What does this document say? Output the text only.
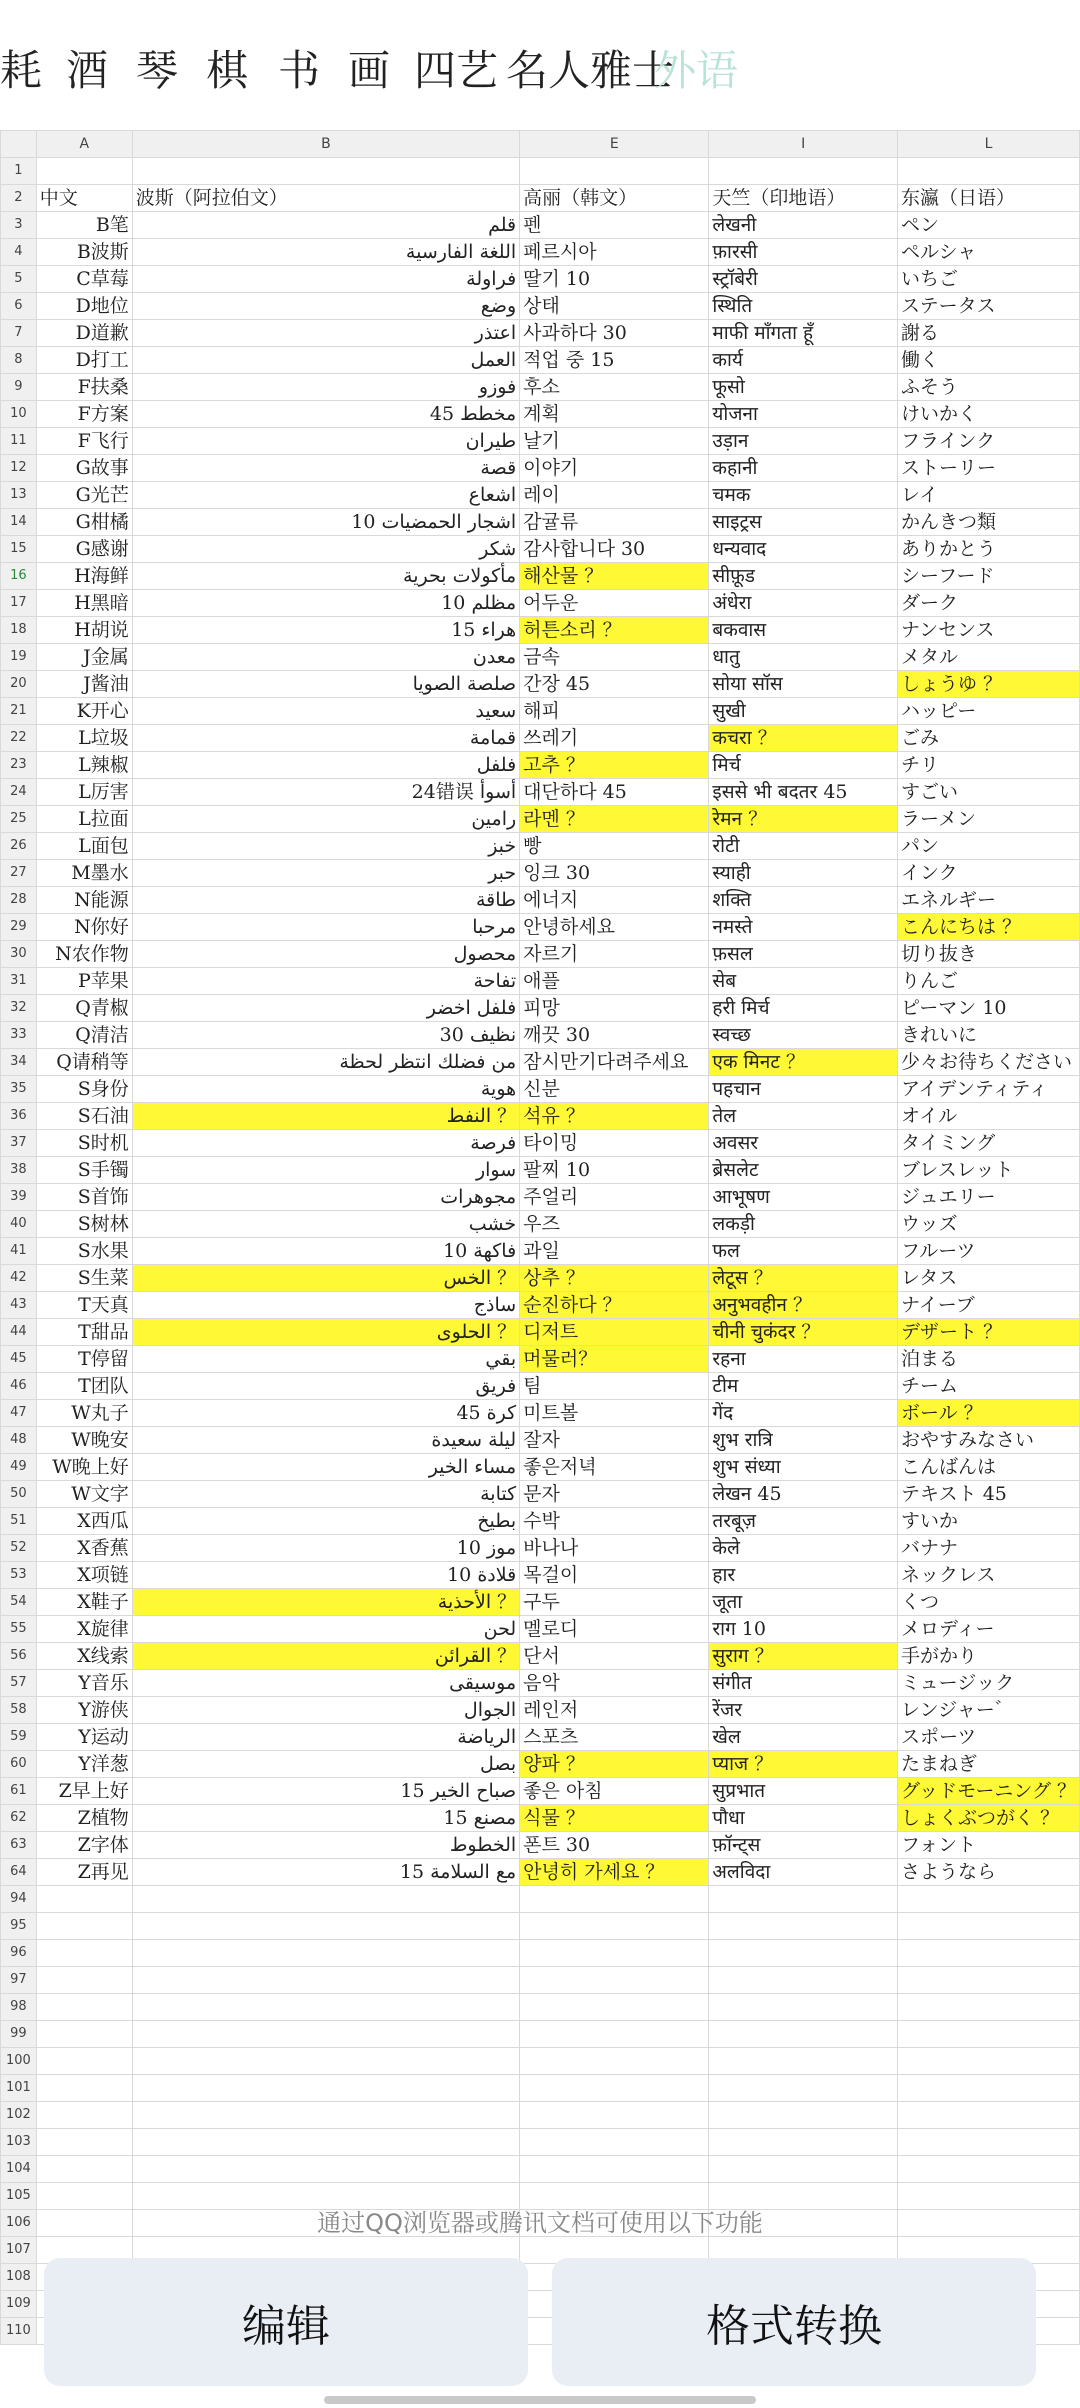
耗 酒 琴 棋 书 画 四艺 名人雅士
外语
	A	B	E	I	L
1					
2	中文	波斯（阿拉伯文）	高丽（韩文）	天竺（印地语）	东瀛（日语）
3	B笔	قلم	펜	लेखनी	ペン
4	B波斯	اللغة الفارسية	페르시아	फ़ारसी	ペルシャ
5	C草莓	فراولة	딸기 10	स्ट्रॉबेरी	いちご
6	D地位	وضع	상태	स्थिति	ステータス
7	D道歉	اعتذر	사과하다 30	माफी माँगता हूँ	謝る
8	D打工	العمل	적업 중 15	कार्य	働く
9	F扶桑	فوزو	후소	फूसो	ふそう
10	F方案	مخطط 45	계획	योजना	けいかく
11	F飞行	طيران	날기	उड़ान	フラインク
12	G故事	قصة	이야기	कहानी	ストーリー
13	G光芒	اشعاع	레이	चमक	レイ
14	G柑橘	اشجار الحمضيات 10	감귤류	साइट्रस	かんきつ類
15	G感谢	شكر	감사합니다 30	धन्यवाद	ありかとう
16	H海鲜	مأكولات بحرية	해산물 ？	सीफ़ूड	シーフード
17	H黑暗	مظلم 10	어두운	अंधेरा	ダーク
18	H胡说	هراء 15	허튼소리 ？	बकवास	ナンセンス
19	J金属	معدن	금속	धातु	メタル
20	J酱油	صلصة الصويا	간장 45	सोया सॉस	しょうゆ ？
21	K开心	سعيد	해피	सुखी	ハッピー
22	L垃圾	قمامة	쓰레기	कचरा ？	ごみ
23	L辣椒	فلفل	고추 ？	मिर्च	チリ
24	L厉害	24错误 أسوأ	대단하다 45	इससे भी बदतर 45	すごい
25	L拉面	رامين	라멘 ？	रेमन ？	ラーメン
26	L面包	خبز	빵	रोटी	パン
27	M墨水	حبر	잉크 30	स्याही	インク
28	N能源	طاقة	에너지	शक्ति	エネルギー
29	N你好	مرحبا	안녕하세요	नमस्ते	こんにちは ？
30	N农作物	محصول	자르기	फ़सल	切り抜き
31	P苹果	تفاحة	애플	सेब	りんご
32	Q青椒	فلفل اخضر	피망	हरी मिर्च	ピーマン 10
33	Q清洁	نظيف 30	깨끗 30	स्वच्छ	きれいに
34	Q请稍等	من فضلك انتظر لحظة	잠시만기다려주세요	एक मिनट ？	少々お待ちください
35	S身份	هوية	신분	पहचान	アイデンティティ
36	S石油	النفط ？	석유 ？	तेल	オイル
37	S时机	فرصة	타이밍	अवसर	タイミング
38	S手镯	سوار	팔찌 10	ब्रेसलेट	ブレスレット
39	S首饰	مجوهرات	주얼리	आभूषण	ジュエリー
40	S树林	خشب	우즈	लकड़ी	ウッズ
41	S水果	فاكهة 10	과일	फल	フルーツ
42	S生菜	الخس ？	상추 ？	लेटूस ？	レタス
43	T天真	ساذج	순진하다 ？	अनुभवहीन ？	ナイーブ
44	T甜品	الحلوى ？	디저트	चीनी चुकंदर ？	デザート ？
45	T停留	بقي	머물러？	रहना	泊まる
46	T团队	فريق	팀	टीम	チーム
47	W丸子	كرة 45	미트볼	गेंद	ボール ？
48	W晚安	ليلة سعيدة	잘자	शुभ रात्रि	おやすみなさい
49	W晚上好	مساء الخير	좋은저녁	शुभ संध्या	こんばんは
50	W文字	كتابة	문자	लेखन 45	テキスト 45
51	X西瓜	بطيخ	수박	तरबूज़	すいか
52	X香蕉	موز 10	바나나	केले	バナナ
53	X项链	قلادة 10	목걸이	हार	ネックレス
54	X鞋子	الأحذية ？	구두	जूता	くつ
55	X旋律	لحن	멜로디	राग 10	メロディー
56	X线索	القرائن ？	단서	सुराग ？	手がかり
57	Y音乐	موسيقى	음악	संगीत	ミュージック
58	Y游侠	الجوال	레인저	रेंजर	レンジャー゛
59	Y运动	الرياضة	스포츠	खेल	スポーツ
60	Y洋葱	بصل	양파 ？	प्याज ？	たまねぎ
61	Z早上好	صباح الخير 15	좋은 아침	सुप्रभात	グッドモーニング ？
62	Z植物	مصنع 15	식물 ？	पौधा	しょくぶつがく ？
63	Z字体	الخطوط	폰트 30	फ़ॉन्ट्स	フォント
64	Z再见	مع السلامة 15	안녕히 가세요 ？	अलविदा	さようなら
94					
95					
96					
97					
98					
99					
100					
101					
102					
103					
104					
105					
106					
107					
108					
109					
110					
通过QQ浏览器或腾讯文档可使用以下功能
编辑	格式转换
